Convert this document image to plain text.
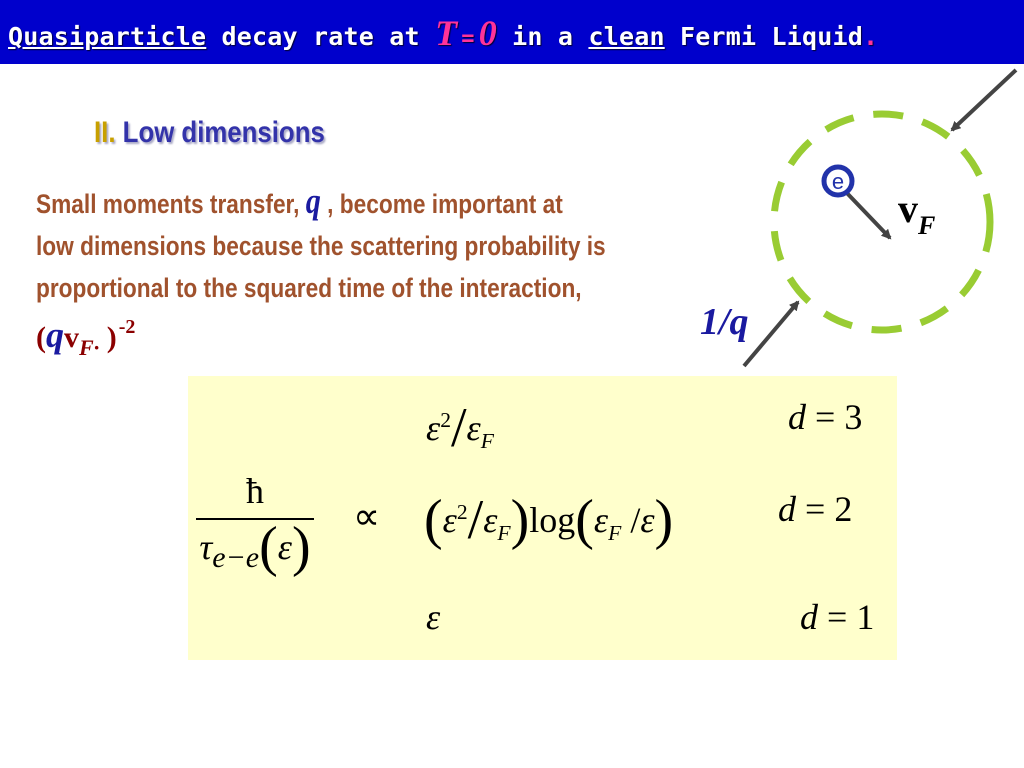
Quasiparticle decay rate at T = 0 in a clean Fermi Liquid.
II. Low dimensions
Small moments transfer, q , become important at
low dimensions because the scattering probability is
proportional to the squared time of the interaction,
(qvF· ) -2
ħ
$\tau_{e-e}(\varepsilon)$ ∝
$\varepsilon^2/\varepsilon_F$
d = 3
$(\varepsilon^2/\varepsilon_F)\log(\varepsilon_F$ /ε)	d = 2
ε	d = 1
e
$v_F$
1/q
